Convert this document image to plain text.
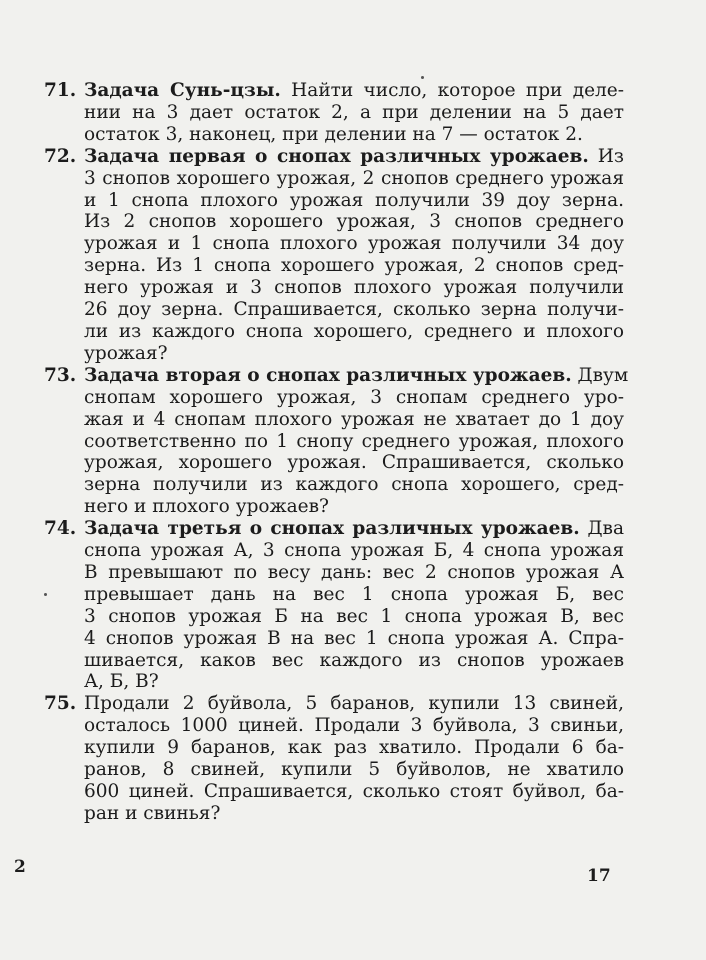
71. Задача Сунь-цзы. Найти число, которое при деле-
нии на 3 дает остаток 2, а при делении на 5 дает
остаток 3, наконец, при делении на 7 — остаток 2.
72. Задача первая о снопах различных урожаев. Из
3 снопов хорошего урожая, 2 снопов среднего урожая
и 1 снопа плохого урожая получили 39 доу зерна.
Из 2 снопов хорошего урожая, 3 снопов среднего
урожая и 1 снопа плохого урожая получили 34 доу
зерна. Из 1 снопа хорошего урожая, 2 снопов сред-
него урожая и 3 снопов плохого урожая получили
26 доу зерна. Спрашивается, сколько зерна получи-
ли из каждого снопа хорошего, среднего и плохого
урожая?
73. Задача вторая о снопах различных урожаев. Двум
снопам хорошего урожая, 3 снопам среднего уро-
жая и 4 снопам плохого урожая не хватает до 1 доу
соответственно по 1 снопу среднего урожая, плохого
урожая, хорошего урожая. Спрашивается, сколько
зерна получили из каждого снопа хорошего, сред-
него и плохого урожаев?
74. Задача третья о снопах различных урожаев. Два
снопа урожая А, 3 снопа урожая Б, 4 снопа урожая
В превышают по весу дань: вес 2 снопов урожая А
превышает дань на вес 1 снопа урожая Б, вес
3 снопов урожая Б на вес 1 снопа урожая В, вес
4 снопов урожая В на вес 1 снопа урожая А. Спра-
шивается, каков вес каждого из снопов урожаев
А, Б, В?
75. Продали 2 буйвола, 5 баранов, купили 13 свиней,
осталось 1000 циней. Продали 3 буйвола, 3 свиньи,
купили 9 баранов, как раз хватило. Продали 6 ба-
ранов, 8 свиней, купили 5 буйволов, не хватило
600 циней. Спрашивается, сколько стоят буйвол, ба-
ран и свинья?
2	17
